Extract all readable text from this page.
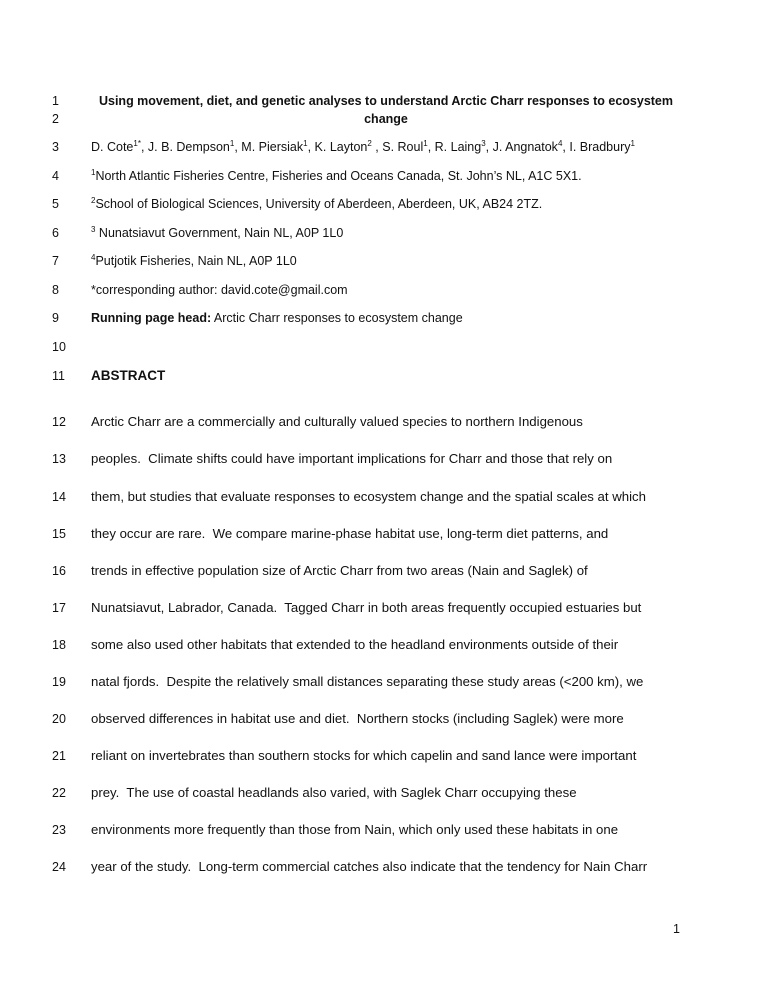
1	Using movement, diet, and genetic analyses to understand Arctic Charr responses to ecosystem
2	change
3	D. Cote$^{1*}$, J. B. Dempson$^1$, M. Piersiak$^1$, K. Layton$^2$ , S. Roul$^1$, R. Laing$^3$, J. Angnatok$^4$, I. Bradbury$^1$
4	$^1$North Atlantic Fisheries Centre, Fisheries and Oceans Canada, St. John’s NL, A1C 5X1.
5	$^2$School of Biological Sciences, University of Aberdeen, Aberdeen, UK, AB24 2TZ.
6	$^3$ Nunatsiavut Government, Nain NL, A0P 1L0
7	$^4$Putjotik Fisheries, Nain NL, A0P 1L0
8	*corresponding author: david.cote@gmail.com
9	Running page head: Arctic Charr responses to ecosystem change
10
11	ABSTRACT
12	Arctic Charr are a commercially and culturally valued species to northern Indigenous
13	peoples.  Climate shifts could have important implications for Charr and those that rely on
14	them, but studies that evaluate responses to ecosystem change and the spatial scales at which
15	they occur are rare.  We compare marine-phase habitat use, long-term diet patterns, and
16	trends in effective population size of Arctic Charr from two areas (Nain and Saglek) of
17	Nunatsiavut, Labrador, Canada.  Tagged Charr in both areas frequently occupied estuaries but
18	some also used other habitats that extended to the headland environments outside of their
19	natal fjords.  Despite the relatively small distances separating these study areas (<200 km), we
20	observed differences in habitat use and diet.  Northern stocks (including Saglek) were more
21	reliant on invertebrates than southern stocks for which capelin and sand lance were important
22	prey.  The use of coastal headlands also varied, with Saglek Charr occupying these
23	environments more frequently than those from Nain, which only used these habitats in one
24	year of the study.  Long-term commercial catches also indicate that the tendency for Nain Charr
1
